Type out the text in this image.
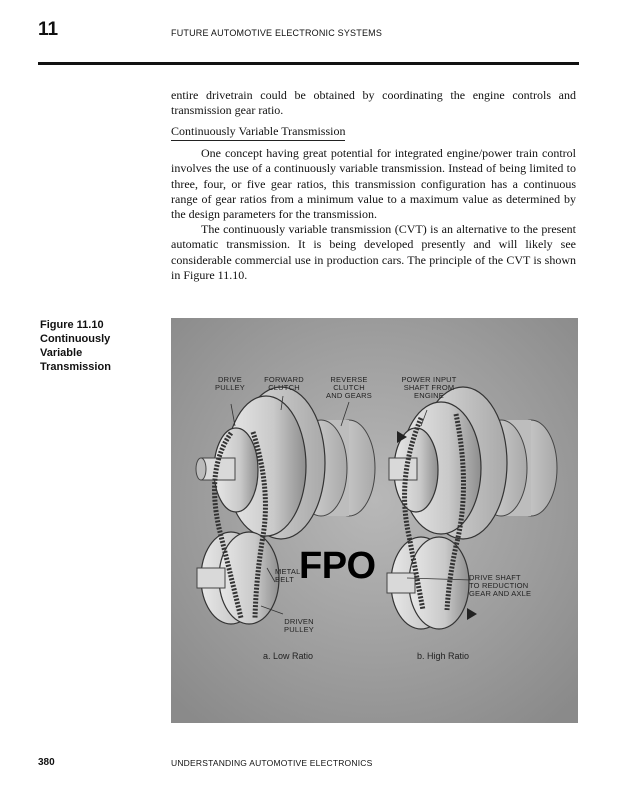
11	FUTURE AUTOMOTIVE ELECTRONIC SYSTEMS

entire drivetrain could be obtained by coordinating the engine controls and transmission gear ratio.

Continuously Variable Transmission

One concept having great potential for integrated engine/power train control involves the use of a continuously variable transmission. Instead of being limited to three, four, or five gear ratios, this transmission configuration has a continuous range of gear ratios from a minimum value to a maximum value as determined by the design parameters for the transmission.

The continuously variable transmission (CVT) is an alternative to the present automatic transmission. It is being developed presently and will likely see considerable commercial use in production cars. The principle of the CVT is shown in Figure 11.10.

Figure 11.10
Continuously
Variable
Transmission
DRIVE
PULLEY
FORWARD
CLUTCH
REVERSE
CLUTCH
AND GEARS
POWER INPUT
SHAFT FROM
ENGINE
METAL
BELT
DRIVEN
PULLEY
DRIVE SHAFT
TO REDUCTION
GEAR AND AXLE
FPO
a. Low Ratio	b. High Ratio
380	UNDERSTANDING AUTOMOTIVE ELECTRONICS
